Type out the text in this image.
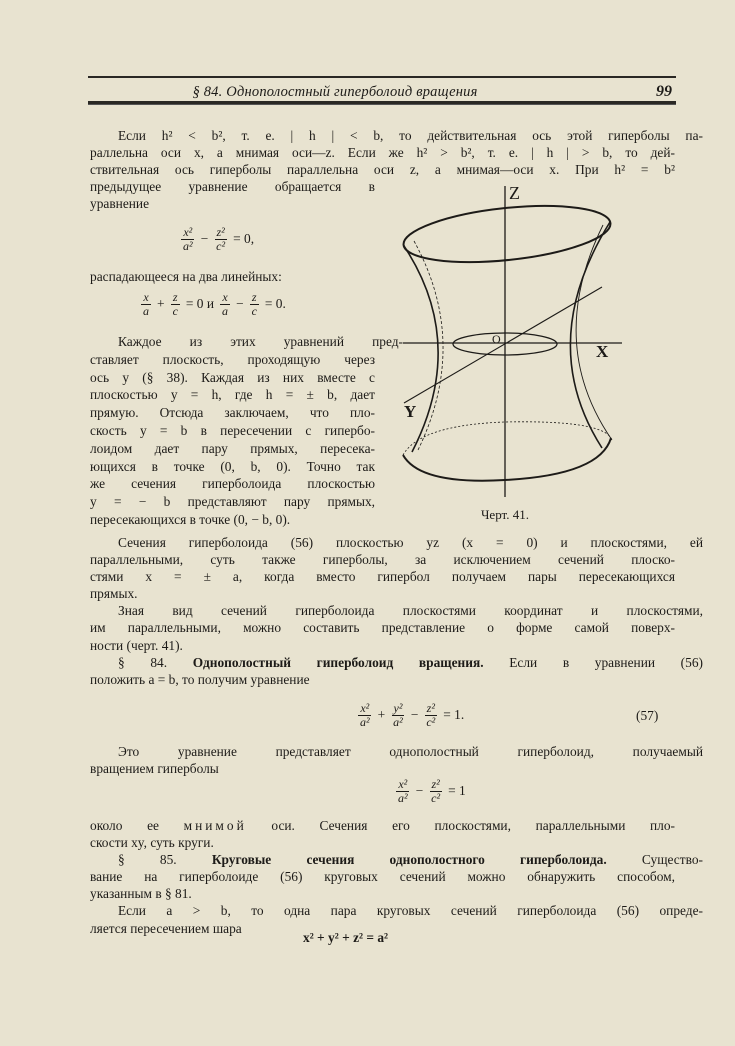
§ 84. Однополостный гиперболоид вращения	99
Если h² < b², т. е. | h | < b, то действительная ось этой гиперболы па-
раллельна оси x, а мнимая оси—z. Если же h² > b², т. е. | h | > b, то дей-
ствительная ось гиперболы параллельна оси z, а мнимая—оси x. При h² = b²
предыдущее уравнение обращается в
уравнение
$\frac{\text{x²}}{\text{a²}} - \frac{\text{z²}}{\text{c²}} = 0$,
распадающееся на два линейных:
$\frac{x}{a} + \frac{z}{c} = 0$ и $\frac{x}{a} - \frac{z}{c} = 0$.
Каждое из этих уравнений пред-
ставляет плоскость, проходящую через
ось y (§ 38). Каждая из них вместе с
плоскостью y = h, где h = ± b, дает
прямую. Отсюда заключаем, что пло-
скость y = b в пересечении с гипербо-
лоидом дает пару прямых, пересека-
ющихся в точке (0, b, 0). Точно так
же сечения гиперболоида плоскостью
y = − b представляют пару прямых,
пересекающихся в точке (0, − b, 0).
Сечения гиперболоида (56) плоскостью yz (x = 0) и плоскостями, ей
параллельными, суть также гиперболы, за исключением сечений плоско-
стями x = ± a, когда вместо гипербол получаем пары пересекающихся
прямых.
Зная вид сечений гиперболоида плоскостями координат и плоскостями,
им параллельными, можно составить представление о форме самой поверх-
ности (черт. 41).
§ 84. Однополостный гиперболоид вращения. Если в уравнении (56)
положить a = b, то получим уравнение
$\frac{\text{x²}}{\text{a²}} + \frac{\text{y²}}{\text{a²}} - \frac{\text{z²}}{\text{c²}} = 1$.	(57)
Это уравнение представляет однополостный гиперболоид, получаемый
вращением гиперболы
$\frac{\text{x²}}{\text{a²}} - \frac{\text{z²}}{\text{c²}} = 1$
около ее мнимой оси. Сечения его плоскостями, параллельными пло-
скости xy, суть круги.
§ 85. Круговые сечения однополостного гиперболоида. Существо-
вание на гиперболоиде (56) круговых сечений можно обнаружить способом,
указанным в § 81.
Если a > b, то одна пара круговых сечений гиперболоида (56) опреде-
ляется пересечением шара
x² + y² + z² = a²
Z
X
Y
O
Черт. 41.
